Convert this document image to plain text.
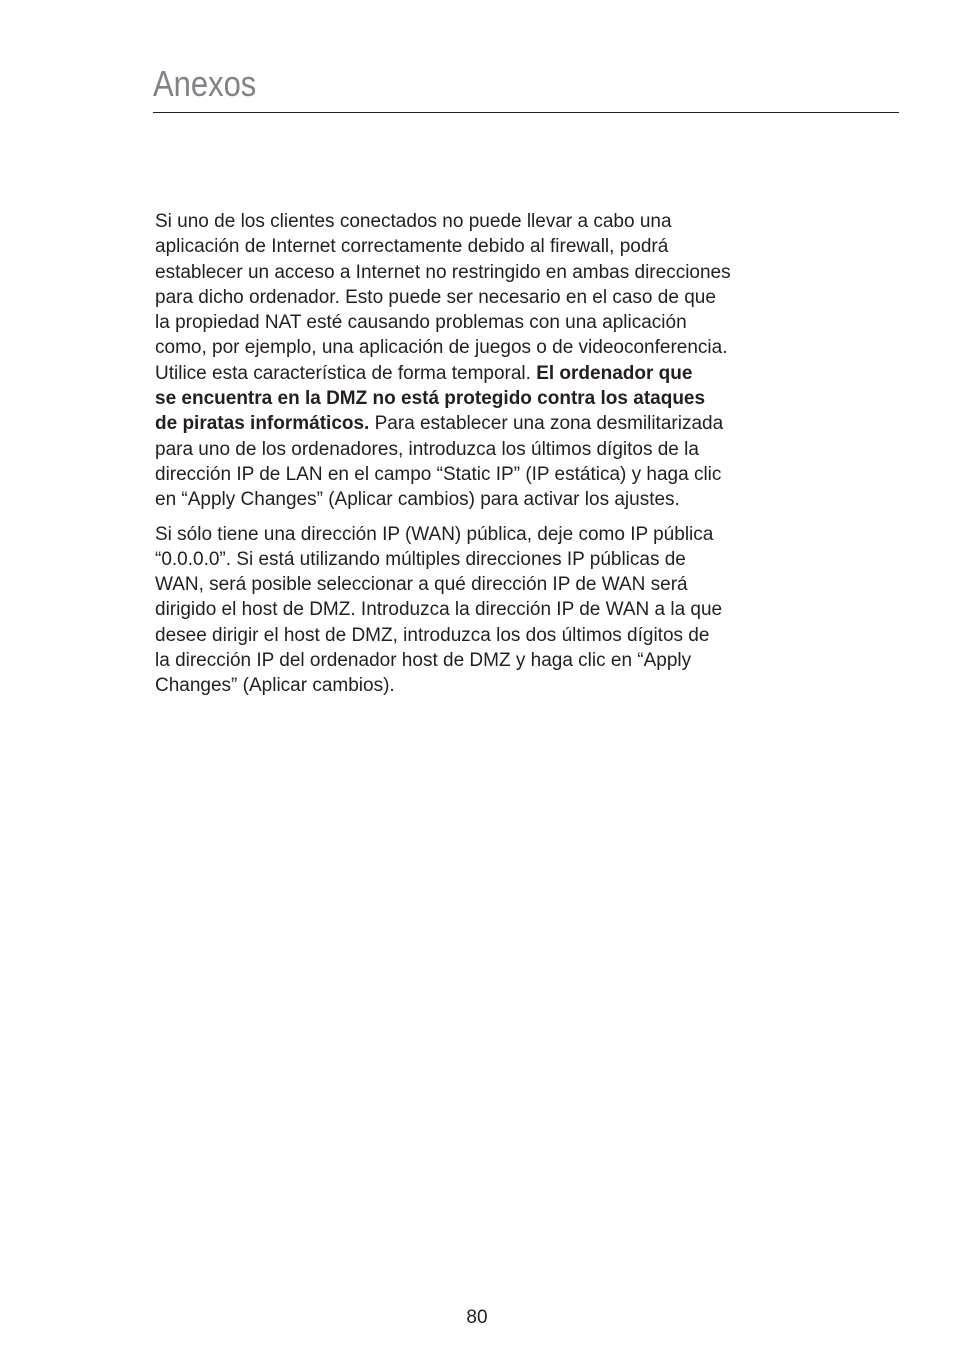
Anexos

Si uno de los clientes conectados no puede llevar a cabo una
aplicación de Internet correctamente debido al firewall, podrá
establecer un acceso a Internet no restringido en ambas direcciones
para dicho ordenador. Esto puede ser necesario en el caso de que
la propiedad NAT esté causando problemas con una aplicación
como, por ejemplo, una aplicación de juegos o de videoconferencia.
Utilice esta característica de forma temporal. El ordenador que
se encuentra en la DMZ no está protegido contra los ataques
de piratas informáticos. Para establecer una zona desmilitarizada
para uno de los ordenadores, introduzca los últimos dígitos de la
dirección IP de LAN en el campo “Static IP” (IP estática) y haga clic
en “Apply Changes” (Aplicar cambios) para activar los ajustes.

Si sólo tiene una dirección IP (WAN) pública, deje como IP pública
“0.0.0.0”. Si está utilizando múltiples direcciones IP públicas de
WAN, será posible seleccionar a qué dirección IP de WAN será
dirigido el host de DMZ. Introduzca la dirección IP de WAN a la que
desee dirigir el host de DMZ, introduzca los dos últimos dígitos de
la dirección IP del ordenador host de DMZ y haga clic en “Apply
Changes” (Aplicar cambios).

80
